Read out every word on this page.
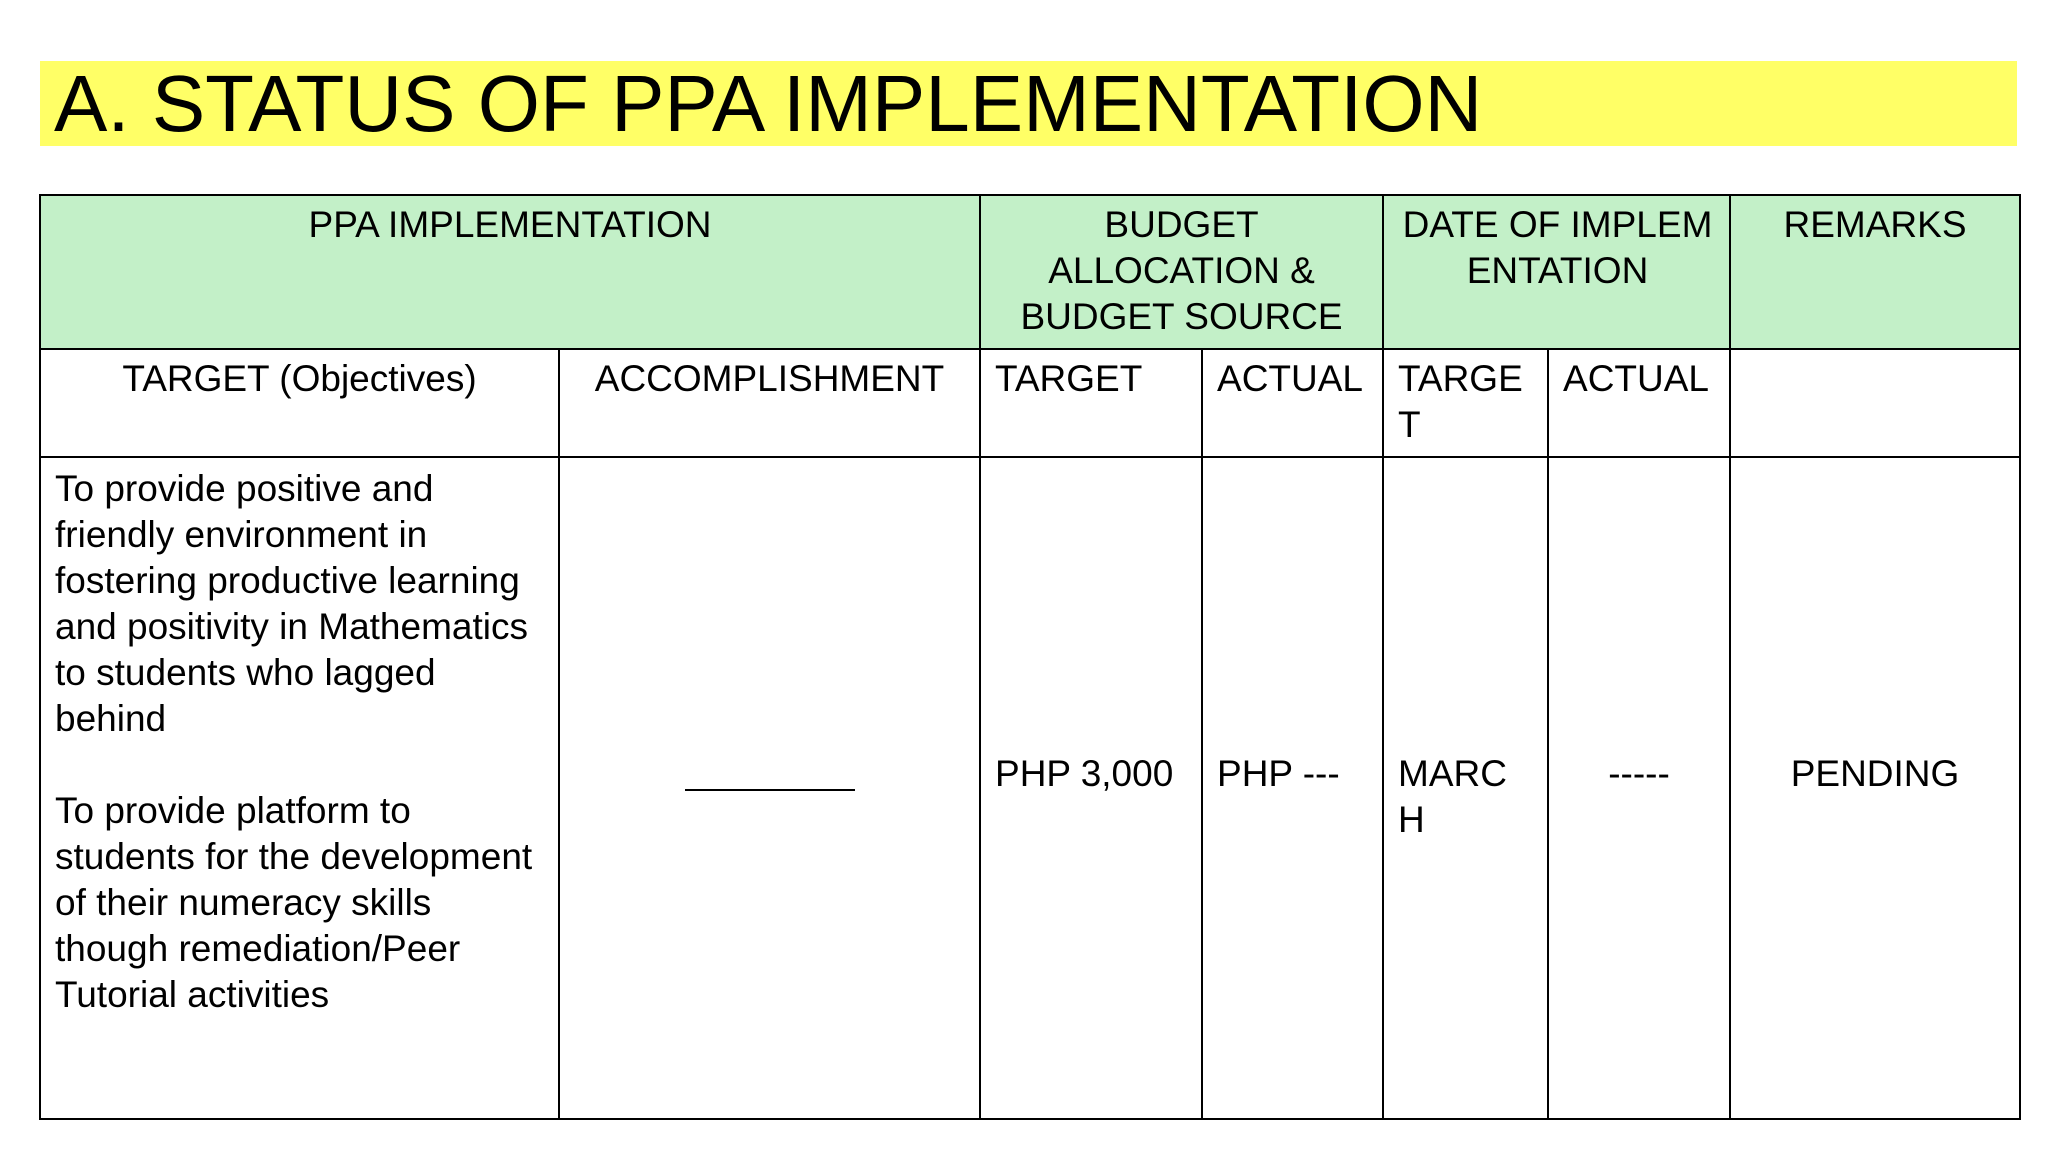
A. STATUS OF PPA IMPLEMENTATION
PPA IMPLEMENTATION		BUDGET ALLOCATION & BUDGET SOURCE		DATE OF IMPLEMENTATION		REMARKS
TARGET (Objectives)	ACCOMPLISHMENT	TARGET	ACTUAL	TARGET	ACTUAL	

To provide positive and friendly environment in fostering productive learning and positivity in Mathematics to students who lagged behind

To provide platform to students for the development of their numeracy skills though remediation/Peer Tutorial activities		PHP 3,000	PHP ---	MARCH	-----	PENDING
